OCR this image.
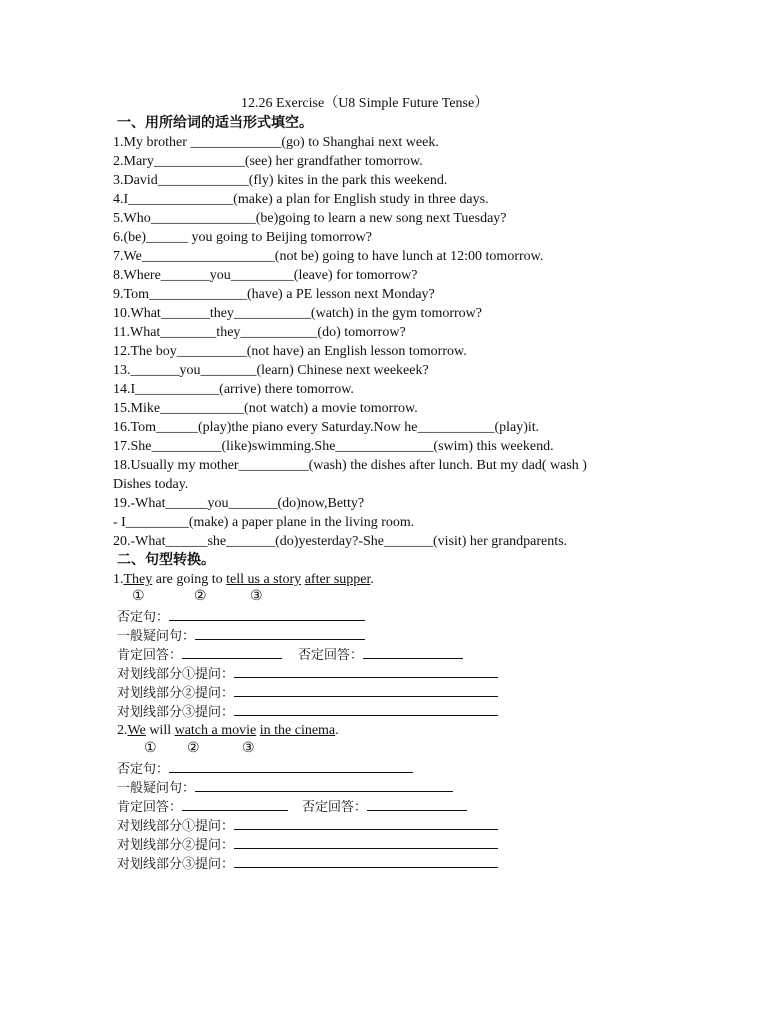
12.26 Exercise（U8 Simple Future Tense）
一、用所给词的适当形式填空。
1.My brother _____________(go) to Shanghai next week.
2.Mary_____________(see) her grandfather tomorrow.
3.David_____________(fly) kites in the park this weekend.
4.I_______________(make) a plan for English study in three days.
5.Who_______________(be)going to learn a new song next Tuesday?
6.(be)______ you going to Beijing tomorrow?
7.We___________________(not be) going to have lunch at 12:00 tomorrow.
8.Where_______you_________(leave) for tomorrow?
9.Tom______________(have) a PE lesson next Monday?
10.What_______they___________(watch) in the gym tomorrow?
11.What________they___________(do) tomorrow?
12.The boy__________(not have) an English lesson tomorrow.
13._______you________(learn) Chinese next weekeek?
14.I____________(arrive) there tomorrow.
15.Mike____________(not watch) a movie tomorrow.
16.Tom______(play)the piano every Saturday.Now he___________(play)it.
17.She__________(like)swimming.She______________(swim) this weekend.
18.Usually my mother__________(wash) the dishes after lunch. But my dad( wash )
Dishes today.
19.-What______you_______(do)now,Betty?
- I_________(make) a paper plane in the living room.
20.-What______she_______(do)yesterday?-She_______(visit) her grandparents.
二、句型转换。
1.They are going to tell us a story after supper.
①	②	③
否定句：
一般疑问句：
肯定回答：	否定回答：
对划线部分①提问：
对划线部分②提问：
对划线部分③提问：
2.We will watch a movie in the cinema.
① ②	③
否定句：
一般疑问句：
肯定回答：	否定回答：
对划线部分①提问：
对划线部分②提问：
对划线部分③提问：
